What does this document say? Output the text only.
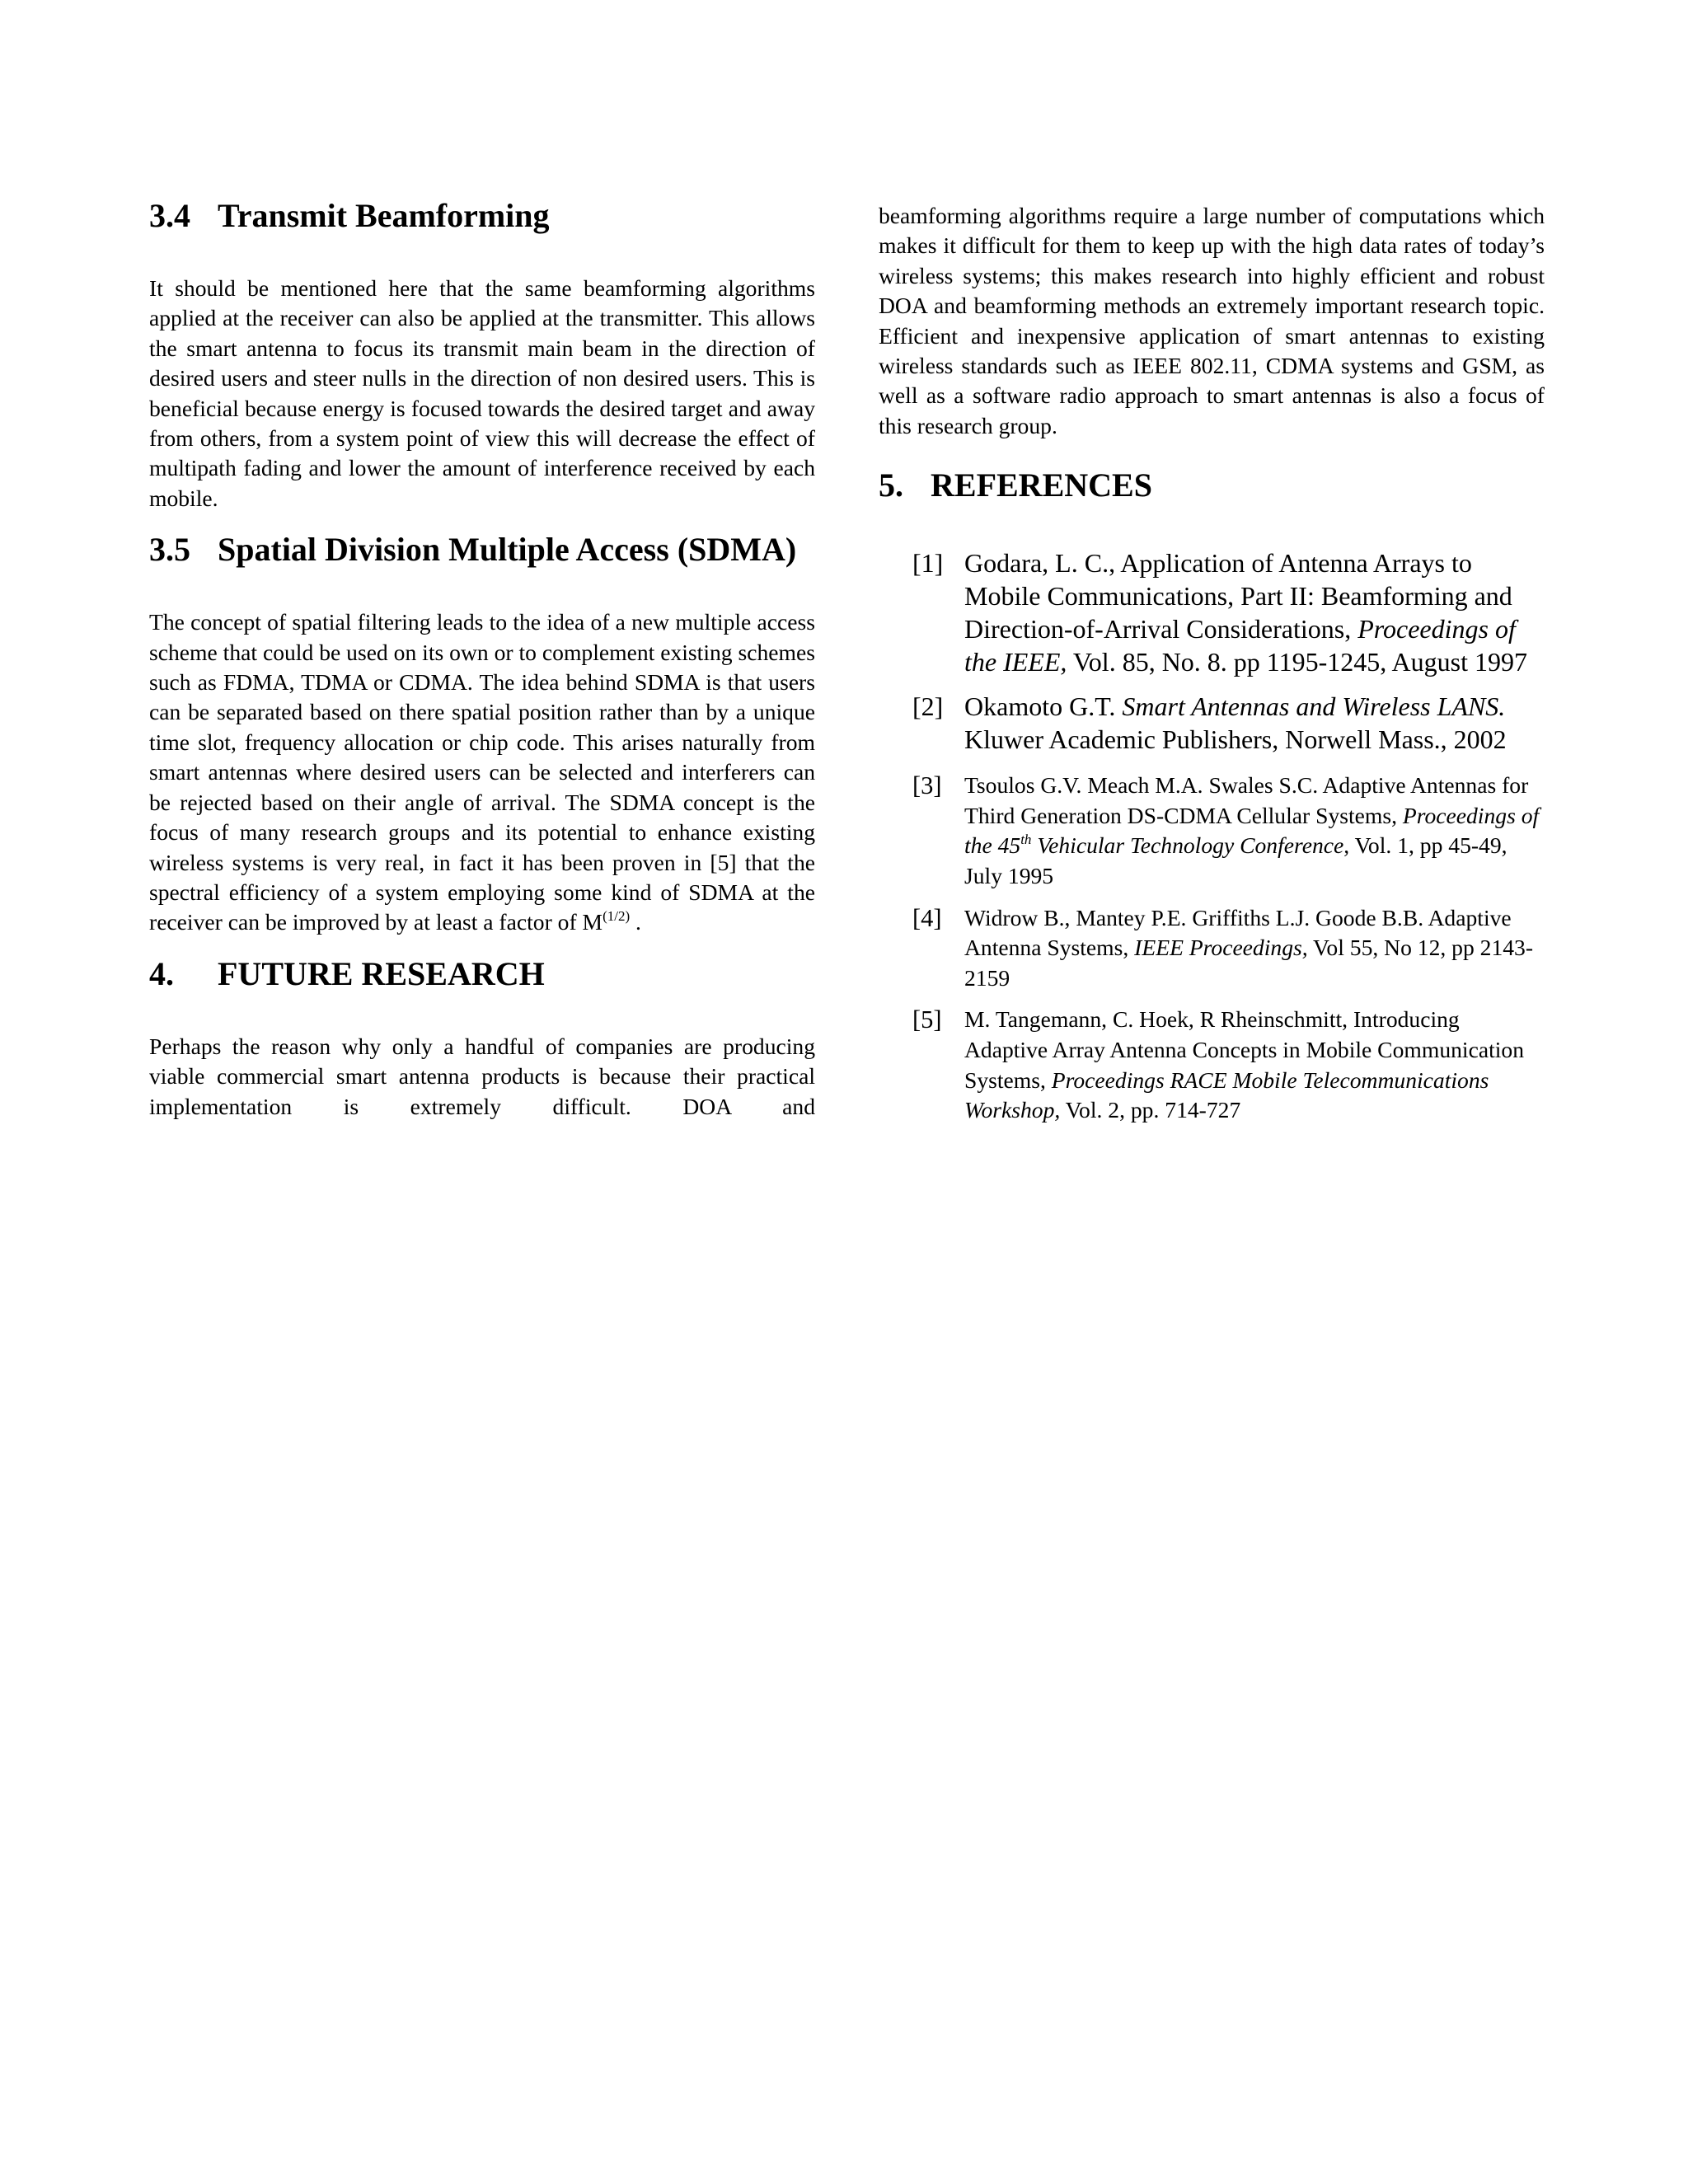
3.4 Transmit Beamforming

It should be mentioned here that the same beamforming algorithms applied at the receiver can also be applied at the transmitter. This allows the smart antenna to focus its transmit main beam in the direction of desired users and steer nulls in the direction of non desired users. This is beneficial because energy is focused towards the desired target and away from others, from a system point of view this will decrease the effect of multipath fading and lower the amount of interference received by each mobile.

3.5 Spatial Division Multiple Access (SDMA)

The concept of spatial filtering leads to the idea of a new multiple access scheme that could be used on its own or to complement existing schemes such as FDMA, TDMA or CDMA. The idea behind SDMA is that users can be separated based on there spatial position rather than by a unique time slot, frequency allocation or chip code. This arises naturally from smart antennas where desired users can be selected and interferers can be rejected based on their angle of arrival. The SDMA concept is the focus of many research groups and its potential to enhance existing wireless systems is very real, in fact it has been proven in [5] that the spectral efficiency of a system employing some kind of SDMA at the receiver can be improved by at least a factor of $M^{(1/2)}$ .

4. FUTURE RESEARCH

Perhaps the reason why only a handful of companies are producing viable commercial smart antenna products is because their practical implementation is extremely difficult. DOA and

beamforming algorithms require a large number of computations which makes it difficult for them to keep up with the high data rates of today’s wireless systems; this makes research into highly efficient and robust DOA and beamforming methods an extremely important research topic. Efficient and inexpensive application of smart antennas to existing wireless standards such as IEEE 802.11, CDMA systems and GSM, as well as a software radio approach to smart antennas is also a focus of this research group.

5. REFERENCES

[1] Godara, L. C., Application of Antenna Arrays to Mobile Communications, Part II: Beamforming and Direction-of-Arrival Considerations, Proceedings of the IEEE, Vol. 85, No. 8. pp 1195-1245, August 1997

[2] Okamoto G.T. Smart Antennas and Wireless LANS. Kluwer Academic Publishers, Norwell Mass., 2002

[3] Tsoulos G.V. Meach M.A. Swales S.C. Adaptive Antennas for Third Generation DS-CDMA Cellular Systems, Proceedings of the 45th Vehicular Technology Conference, Vol. 1, pp 45-49, July 1995

[4] Widrow B., Mantey P.E. Griffiths L.J. Goode B.B. Adaptive Antenna Systems, IEEE Proceedings, Vol 55, No 12, pp 2143-2159

[5] M. Tangemann, C. Hoek, R Rheinschmitt, Introducing Adaptive Array Antenna Concepts in Mobile Communication Systems, Proceedings RACE Mobile Telecommunications Workshop, Vol. 2, pp. 714-727
